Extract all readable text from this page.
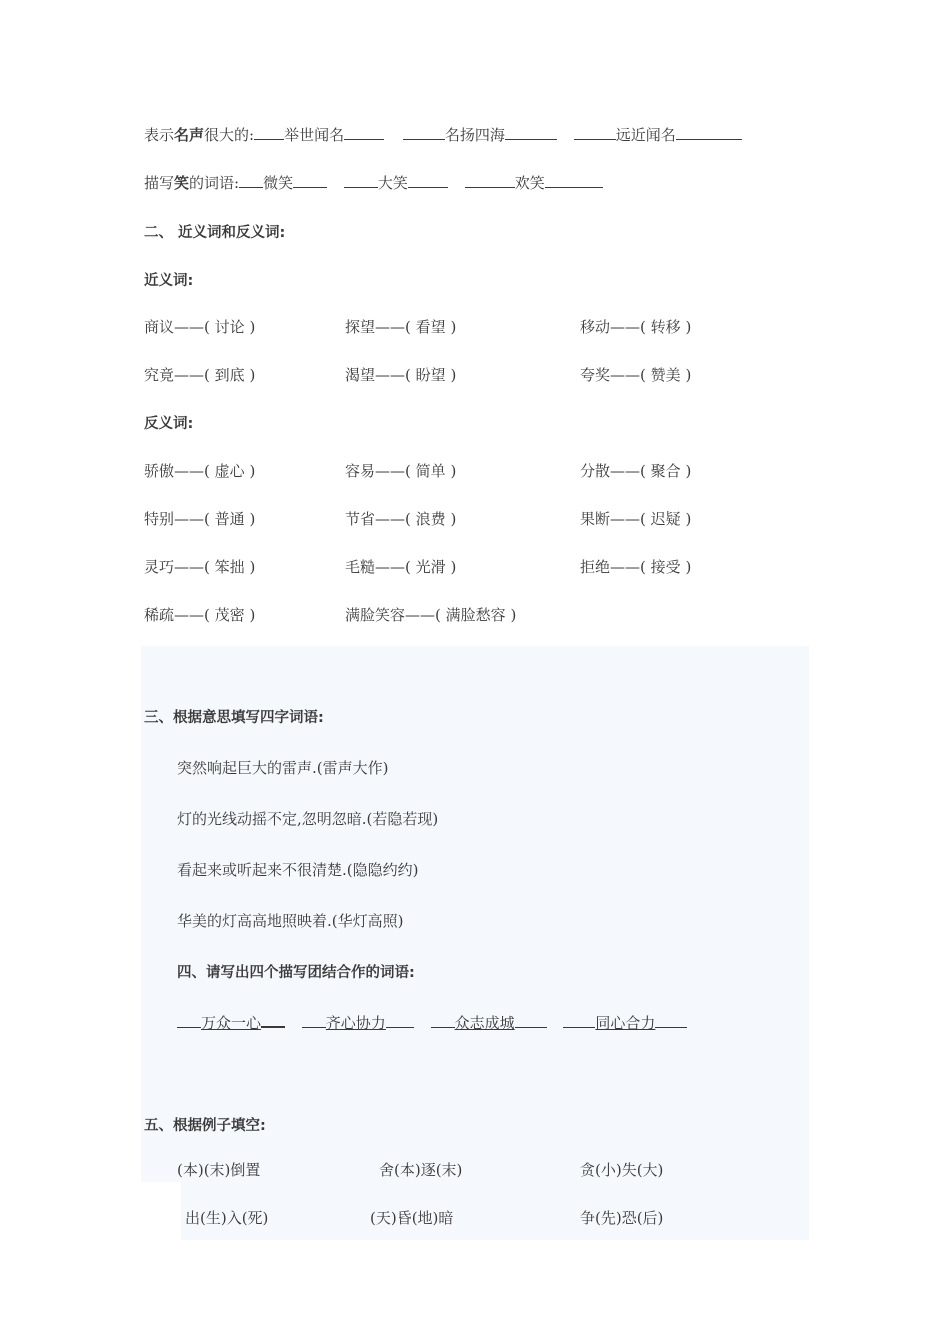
表示名声很大的: 举世闻名	名扬四海	远近闻名
描写笑的词语: 微笑	大笑	欢笑
二、 近义词和反义词:
近义词:
商议——( 讨论 )	探望——( 看望 )	移动——( 转移 )
究竟——( 到底 )	渴望——( 盼望 )	夸奖——( 赞美 )
反义词:
骄傲——( 虚心 )	容易——( 简单 )	分散——( 聚合 )
特别——( 普通 )	节省——( 浪费 )	果断——( 迟疑 )
灵巧——( 笨拙 )	毛糙——( 光滑 )	拒绝——( 接受 )
稀疏——( 茂密 )	满脸笑容——( 满脸愁容 )
三、根据意思填写四字词语:
突然响起巨大的雷声.(雷声大作)
灯的光线动摇不定,忽明忽暗.(若隐若现)
看起来或听起来不很清楚.(隐隐约约)
华美的灯高高地照映着.(华灯高照)
四、请写出四个描写团结合作的词语:
万众一心	齐心协力	众志成城	同心合力
五、根据例子填空:
(本)(末)倒置	舍(本)逐(末)	贪(小)失(大)
出(生)入(死)	(天)昏(地)暗	争(先)恐(后)
